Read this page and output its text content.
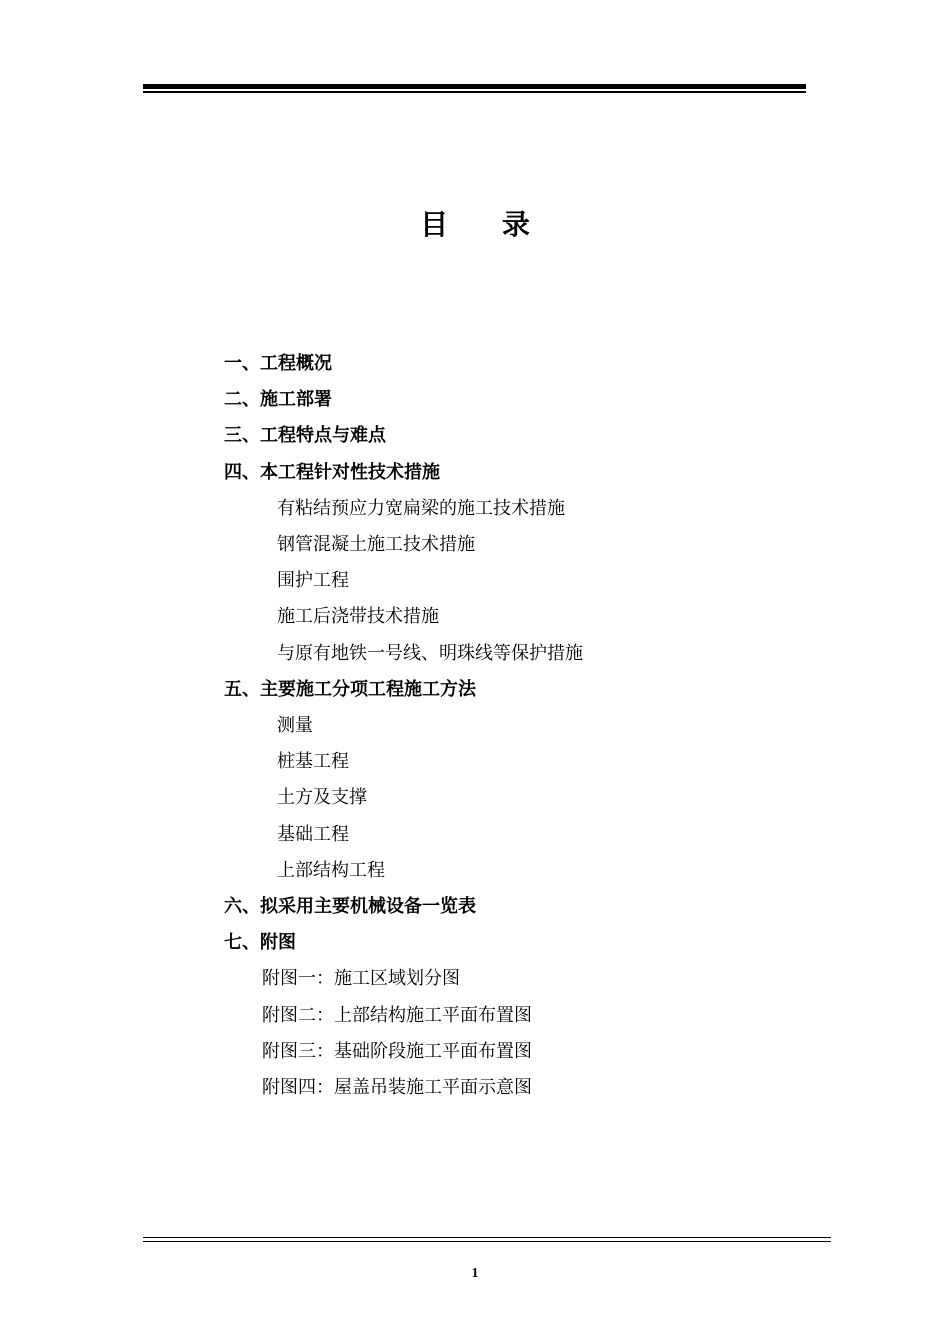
目 录
一、工程概况
二、施工部署
三、工程特点与难点
四、本工程针对性技术措施
有粘结预应力宽扁梁的施工技术措施
钢管混凝土施工技术措施
围护工程
施工后浇带技术措施
与原有地铁一号线、明珠线等保护措施
五、主要施工分项工程施工方法
测量
桩基工程
土方及支撑
基础工程
上部结构工程
六、拟采用主要机械设备一览表
七、附图
附图一：施工区域划分图
附图二：上部结构施工平面布置图
附图三：基础阶段施工平面布置图
附图四：屋盖吊装施工平面示意图
1
